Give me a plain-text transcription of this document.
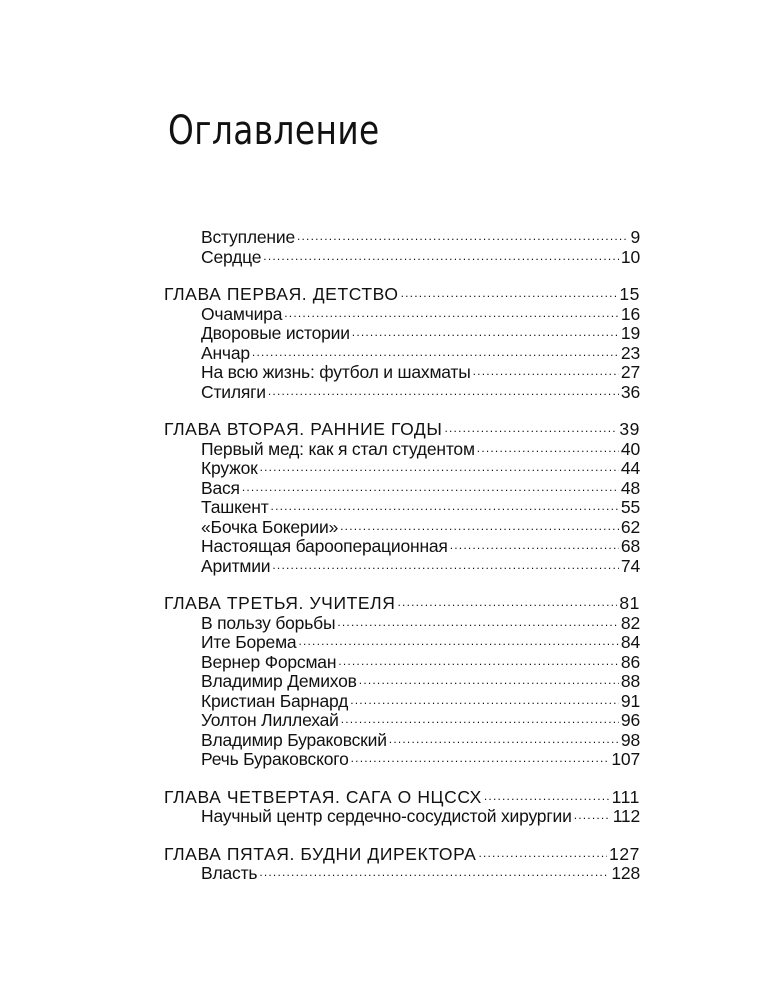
Оглавление
Вступление .....	9
Сердце .....	10
ГЛАВА ПЕРВАЯ. ДЕТСТВО .....	15
Очамчира .....	16
Дворовые истории .....	19
Анчар .....	23
На всю жизнь: футбол и шахматы .....	27
Стиляги .....	36
ГЛАВА ВТОРАЯ. РАННИЕ ГОДЫ .....	39
Первый мед: как я стал студентом .....	40
Кружок .....	44
Вася .....	48
Ташкент .....	55
«Бочка Бокерии» .....	62
Настоящая бароoперационная .....	68
Аритмии .....	74
ГЛАВА ТРЕТЬЯ. УЧИТЕЛЯ .....	81
В пользу борьбы .....	82
Ите Борема .....	84
Вернер Форсман .....	86
Владимир Демихов .....	88
Кристиан Барнард .....	91
Уолтон Лиллехай .....	96
Владимир Бураковский .....	98
Речь Бураковского .....	107
ГЛАВА ЧЕТВЕРТАЯ. САГА О НЦССХ .....	111
Научный центр сердечно-сосудистой хирургии ..... 112
ГЛАВА ПЯТАЯ. БУДНИ ДИРЕКТОРА .....	127
Власть .....	128
